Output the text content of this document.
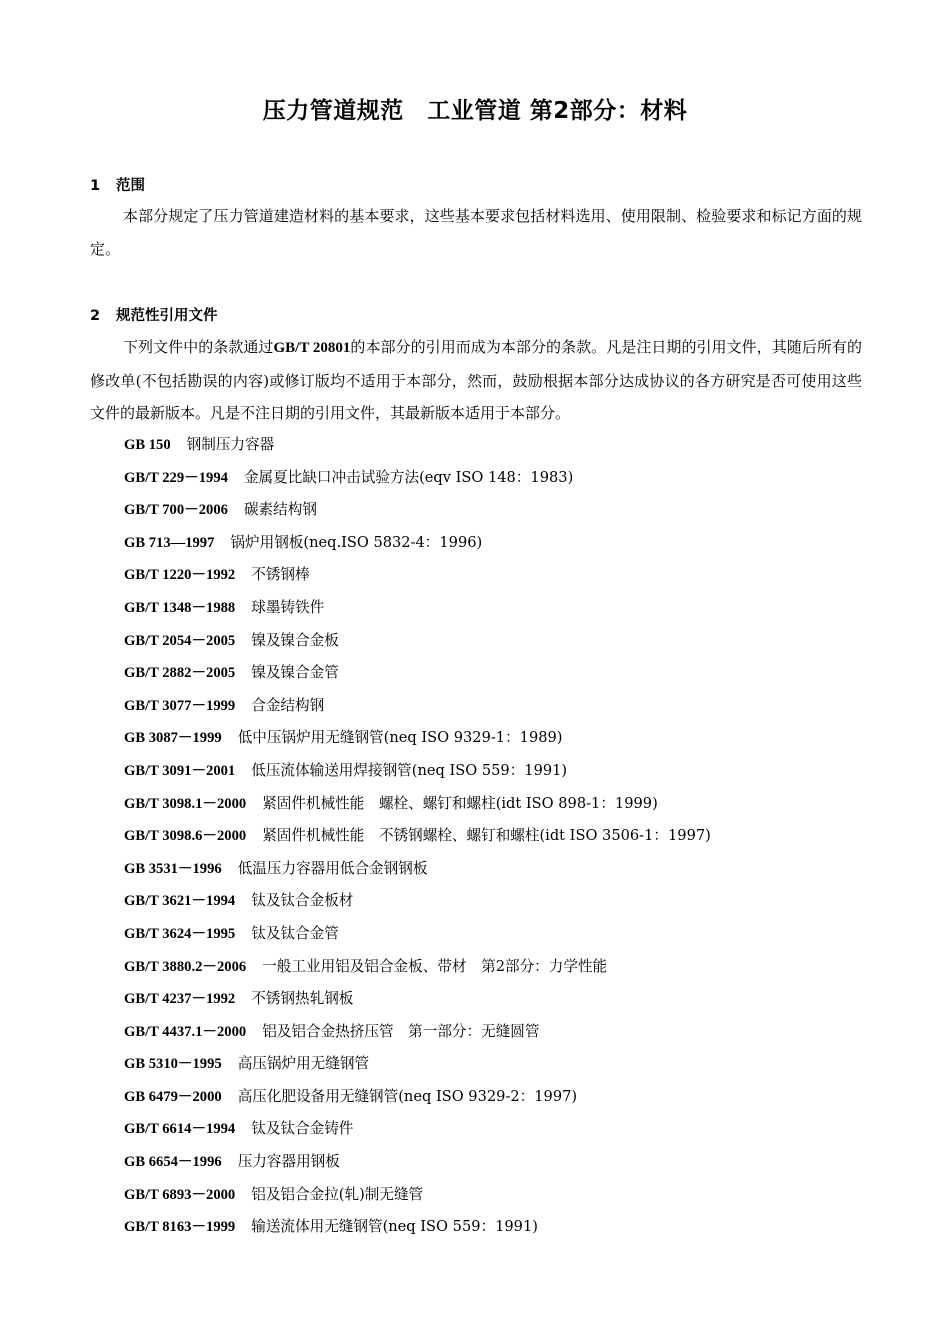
压力管道规范　工业管道 第2部分：材料
1 范围
本部分规定了压力管道建造材料的基本要求，这些基本要求包括材料选用、使用限制、检验要求和标记方面的规定。
2 规范性引用文件
下列文件中的条款通过GB/T 20801的本部分的引用而成为本部分的条款。凡是注日期的引用文件，其随后所有的修改单(不包括勘误的内容)或修订版均不适用于本部分，然而，鼓励根据本部分达成协议的各方研究是否可使用这些文件的最新版本。凡是不注日期的引用文件，其最新版本适用于本部分。
GB 150 钢制压力容器
GB/T 229－1994 金属夏比缺口冲击试验方法(eqv ISO 148：1983)
GB/T 700－2006 碳素结构钢
GB 713—1997 锅炉用钢板(neq.ISO 5832-4：1996)
GB/T 1220－1992 不锈钢棒
GB/T 1348－1988 球墨铸铁件
GB/T 2054－2005 镍及镍合金板
GB/T 2882－2005 镍及镍合金管
GB/T 3077－1999 合金结构钢
GB 3087－1999 低中压锅炉用无缝钢管(neq ISO 9329-1：1989)
GB/T 3091－2001 低压流体输送用焊接钢管(neq ISO 559：1991)
GB/T 3098.1－2000 紧固件机械性能　螺栓、螺钉和螺柱(idt ISO 898-1：1999)
GB/T 3098.6－2000 紧固件机械性能　不锈钢螺栓、螺钉和螺柱(idt ISO 3506-1：1997)
GB 3531－1996 低温压力容器用低合金钢钢板
GB/T 3621－1994 钛及钛合金板材
GB/T 3624－1995 钛及钛合金管
GB/T 3880.2－2006 一般工业用铝及铝合金板、带材　第2部分：力学性能
GB/T 4237－1992 不锈钢热轧钢板
GB/T 4437.1－2000 铝及铝合金热挤压管　第一部分：无缝圆管
GB 5310－1995 高压锅炉用无缝钢管
GB 6479－2000 高压化肥设备用无缝钢管(neq ISO 9329-2：1997)
GB/T 6614－1994 钛及钛合金铸件
GB 6654－1996 压力容器用钢板
GB/T 6893－2000 铝及铝合金拉(轧)制无缝管
GB/T 8163－1999 输送流体用无缝钢管(neq ISO 559：1991)
